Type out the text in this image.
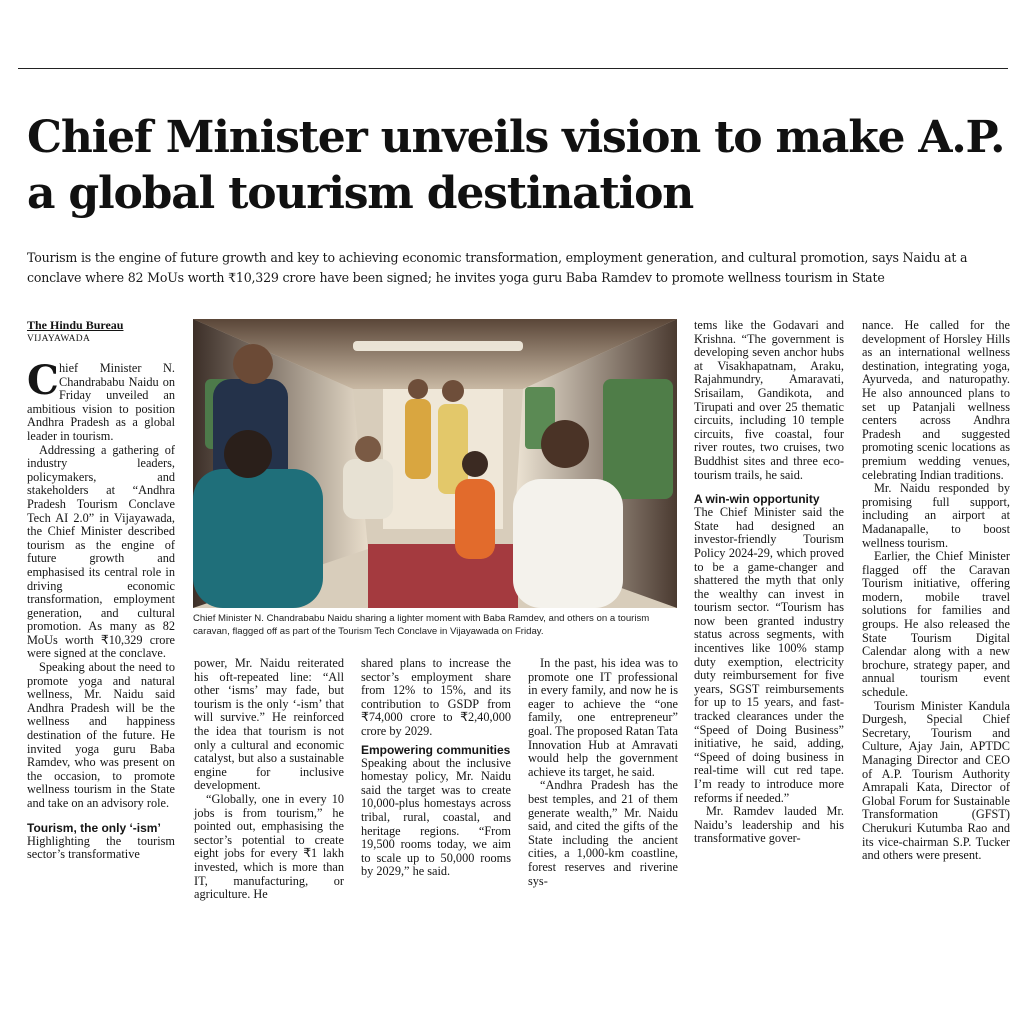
Chief Minister unveils vision to make A.P. a global tourism destination

Tourism is the engine of future growth and key to achieving economic transformation, employment generation, and cultural promotion, says Naidu at a conclave where 82 MoUs worth ₹10,329 crore have been signed; he invites yoga guru Baba Ramdev to promote wellness tourism in State

The Hindu Bureau
VIJAYAWADA

Chief Minister N. Chandrababu Naidu on Friday unveiled an ambitious vision to position Andhra Pradesh as a global leader in tourism.

Addressing a gathering of industry leaders, policymakers, and stakeholders at “Andhra Pradesh Tourism Conclave Tech AI 2.0” in Vijayawada, the Chief Minister described tourism as the engine of future growth and emphasised its central role in driving economic transformation, employment generation, and cultural promotion. As many as 82 MoUs worth ₹10,329 crore were signed at the conclave.

Speaking about the need to promote yoga and natural wellness, Mr. Naidu said Andhra Pradesh will be the wellness and happiness destination of the future. He invited yoga guru Baba Ramdev, who was present on the occasion, to promote wellness tourism in the State and take on an advisory role.

Tourism, the only ‘-ism’

Highlighting the tourism sector’s transformative

Chief Minister N. Chandrababu Naidu sharing a lighter moment with Baba Ramdev, and others on a tourism caravan, flagged off as part of the Tourism Tech Conclave in Vijayawada on Friday.

power, Mr. Naidu reiterated his oft-repeated line: “All other ‘isms’ may fade, but tourism is the only ‘-ism’ that will survive.” He reinforced the idea that tourism is not only a cultural and economic catalyst, but also a sustainable engine for inclusive development.

“Globally, one in every 10 jobs is from tourism,” he pointed out, emphasising the sector’s potential to create eight jobs for every ₹1 lakh invested, which is more than IT, manufacturing, or agriculture. He

shared plans to increase the sector’s employment share from 12% to 15%, and its contribution to GSDP from ₹74,000 crore to ₹2,40,000 crore by 2029.

Empowering communities

Speaking about the inclusive homestay policy, Mr. Naidu said the target was to create 10,000-plus homestays across tribal, rural, coastal, and heritage regions. “From 19,500 rooms today, we aim to scale up to 50,000 rooms by 2029,” he said.

In the past, his idea was to promote one IT professional in every family, and now he is eager to achieve the “one family, one entrepreneur” goal. The proposed Ratan Tata Innovation Hub at Amravati would help the government achieve its target, he said.

“Andhra Pradesh has the best temples, and 21 of them generate wealth,” Mr. Naidu said, and cited the gifts of the State including the ancient cities, a 1,000-km coastline, forest reserves and riverine sys-

tems like the Godavari and Krishna. “The government is developing seven anchor hubs at Visakhapatnam, Araku, Rajahmundry, Amaravati, Srisailam, Gandikota, and Tirupati and over 25 thematic circuits, including 10 temple circuits, five coastal, four river routes, two cruises, two Buddhist sites and three eco-tourism trails, he said.

A win-win opportunity

The Chief Minister said the State had designed an investor-friendly Tourism Policy 2024-29, which proved to be a game-changer and shattered the myth that only the wealthy can invest in tourism sector. “Tourism has now been granted industry status across segments, with incentives like 100% stamp duty exemption, electricity duty reimbursement for five years, SGST reimbursements for up to 15 years, and fast-tracked clearances under the “Speed of Doing Business” initiative, he said, adding, “Speed of doing business in real-time will cut red tape. I’m ready to introduce more reforms if needed.”

Mr. Ramdev lauded Mr. Naidu’s leadership and his transformative gover-

nance. He called for the development of Horsley Hills as an international wellness destination, integrating yoga, Ayurveda, and naturopathy. He also announced plans to set up Patanjali wellness centers across Andhra Pradesh and suggested promoting scenic locations as premium wedding venues, celebrating Indian traditions.

Mr. Naidu responded by promising full support, including an airport at Madanapalle, to boost wellness tourism.

Earlier, the Chief Minister flagged off the Caravan Tourism initiative, offering modern, mobile travel solutions for families and groups. He also released the State Tourism Digital Calendar along with a new brochure, strategy paper, and annual tourism event schedule.

Tourism Minister Kandula Durgesh, Special Chief Secretary, Tourism and Culture, Ajay Jain, APTDC Managing Director and CEO of A.P. Tourism Authority Amrapali Kata, Director of Global Forum for Sustainable Transformation (GFST) Cherukuri Kutumba Rao and its vice-chairman S.P. Tucker and others were present.
